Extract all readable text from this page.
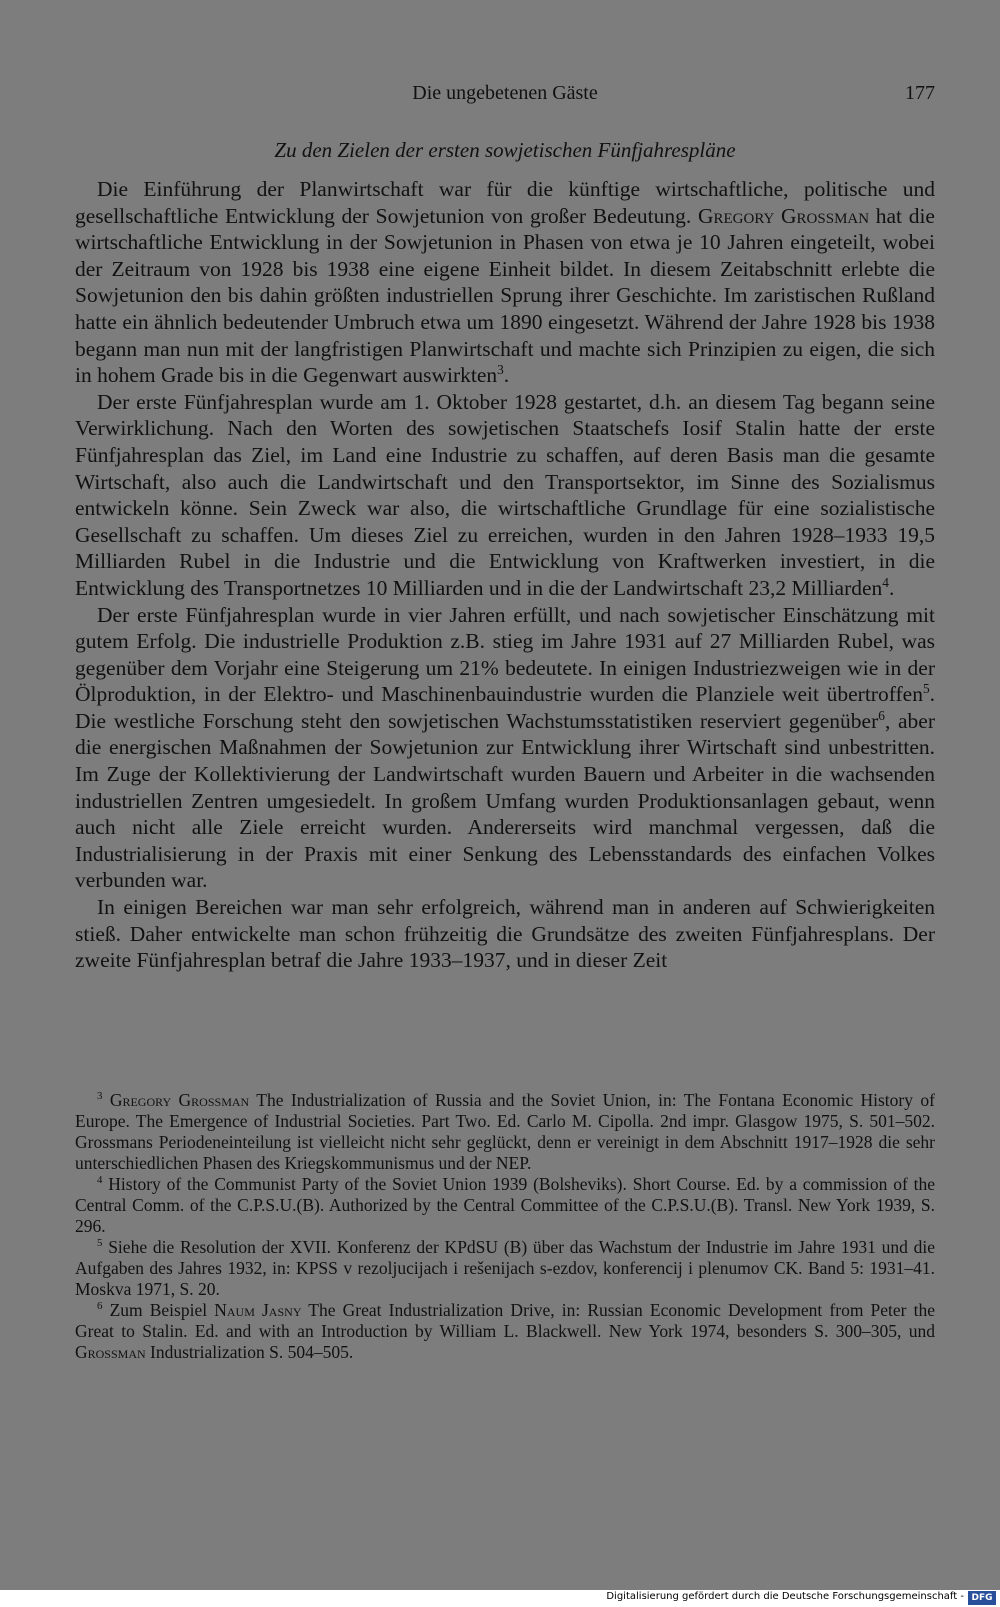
Die ungebetenen Gäste	177
Zu den Zielen der ersten sowjetischen Fünfjahrespläne

Die Einführung der Planwirtschaft war für die künftige wirtschaftliche, politische und gesellschaftliche Entwicklung der Sowjetunion von großer Bedeutung. Gregory Grossman hat die wirtschaftliche Entwicklung in der Sowjetunion in Phasen von etwa je 10 Jahren eingeteilt, wobei der Zeitraum von 1928 bis 1938 eine eigene Einheit bildet. In diesem Zeitabschnitt erlebte die Sowjetunion den bis dahin größten industriellen Sprung ihrer Geschichte. Im zaristischen Rußland hatte ein ähnlich bedeutender Umbruch etwa um 1890 eingesetzt. Während der Jahre 1928 bis 1938 begann man nun mit der langfristigen Planwirtschaft und machte sich Prinzipien zu eigen, die sich in hohem Grade bis in die Gegenwart auswirkten$^3$.

Der erste Fünfjahresplan wurde am 1. Oktober 1928 gestartet, d.h. an diesem Tag begann seine Verwirklichung. Nach den Worten des sowjetischen Staatschefs Iosif Stalin hatte der erste Fünfjahresplan das Ziel, im Land eine Industrie zu schaffen, auf deren Basis man die gesamte Wirtschaft, also auch die Landwirtschaft und den Transportsektor, im Sinne des Sozialismus entwickeln könne. Sein Zweck war also, die wirtschaftliche Grundlage für eine sozialistische Gesellschaft zu schaffen. Um dieses Ziel zu erreichen, wurden in den Jahren 1928–1933 19,5 Milliarden Rubel in die Industrie und die Entwicklung von Kraftwerken investiert, in die Entwicklung des Transportnetzes 10 Milliarden und in die der Landwirtschaft 23,2 Milliarden$^4$.

Der erste Fünfjahresplan wurde in vier Jahren erfüllt, und nach sowjetischer Einschätzung mit gutem Erfolg. Die industrielle Produktion z.B. stieg im Jahre 1931 auf 27 Milliarden Rubel, was gegenüber dem Vorjahr eine Steigerung um 21% bedeutete. In einigen Industriezweigen wie in der Ölproduktion, in der Elektro- und Maschinenbauindustrie wurden die Planziele weit übertroffen$^5$. Die westliche Forschung steht den sowjetischen Wachstumsstatistiken reserviert gegenüber$^6$, aber die energischen Maßnahmen der Sowjetunion zur Entwicklung ihrer Wirtschaft sind unbestritten. Im Zuge der Kollektivierung der Landwirtschaft wurden Bauern und Arbeiter in die wachsenden industriellen Zentren umgesiedelt. In großem Umfang wurden Produktionsanlagen gebaut, wenn auch nicht alle Ziele erreicht wurden. Andererseits wird manchmal vergessen, daß die Industrialisierung in der Praxis mit einer Senkung des Lebensstandards des einfachen Volkes verbunden war.

In einigen Bereichen war man sehr erfolgreich, während man in anderen auf Schwierigkeiten stieß. Daher entwickelte man schon frühzeitig die Grundsätze des zweiten Fünfjahresplans. Der zweite Fünfjahresplan betraf die Jahre 1933–1937, und in dieser Zeit

$^3$ Gregory Grossman The Industrialization of Russia and the Soviet Union, in: The Fontana Economic History of Europe. The Emergence of Industrial Societies. Part Two. Ed. Carlo M. Cipolla. 2nd impr. Glasgow 1975, S. 501–502. Grossmans Periodeneinteilung ist vielleicht nicht sehr geglückt, denn er vereinigt in dem Abschnitt 1917–1928 die sehr unterschiedlichen Phasen des Kriegskommunismus und der NEP.

$^4$ History of the Communist Party of the Soviet Union 1939 (Bolsheviks). Short Course. Ed. by a commission of the Central Comm. of the C.P.S.U.(B). Authorized by the Central Committee of the C.P.S.U.(B). Transl. New York 1939, S. 296.

$^5$ Siehe die Resolution der XVII. Konferenz der KPdSU (B) über das Wachstum der Industrie im Jahre 1931 und die Aufgaben des Jahres 1932, in: KPSS v rezoljucijach i rešenijach s-ezdov, konferencij i plenumov CK. Band 5: 1931–41. Moskva 1971, S. 20.

$^6$ Zum Beispiel Naum Jasny The Great Industrialization Drive, in: Russian Economic Development from Peter the Great to Stalin. Ed. and with an Introduction by William L. Blackwell. New York 1974, besonders S. 300–305, und Grossman Industrialization S. 504–505.

Digitalisierung gefördert durch die Deutsche Forschungsgemeinschaft - DFG
